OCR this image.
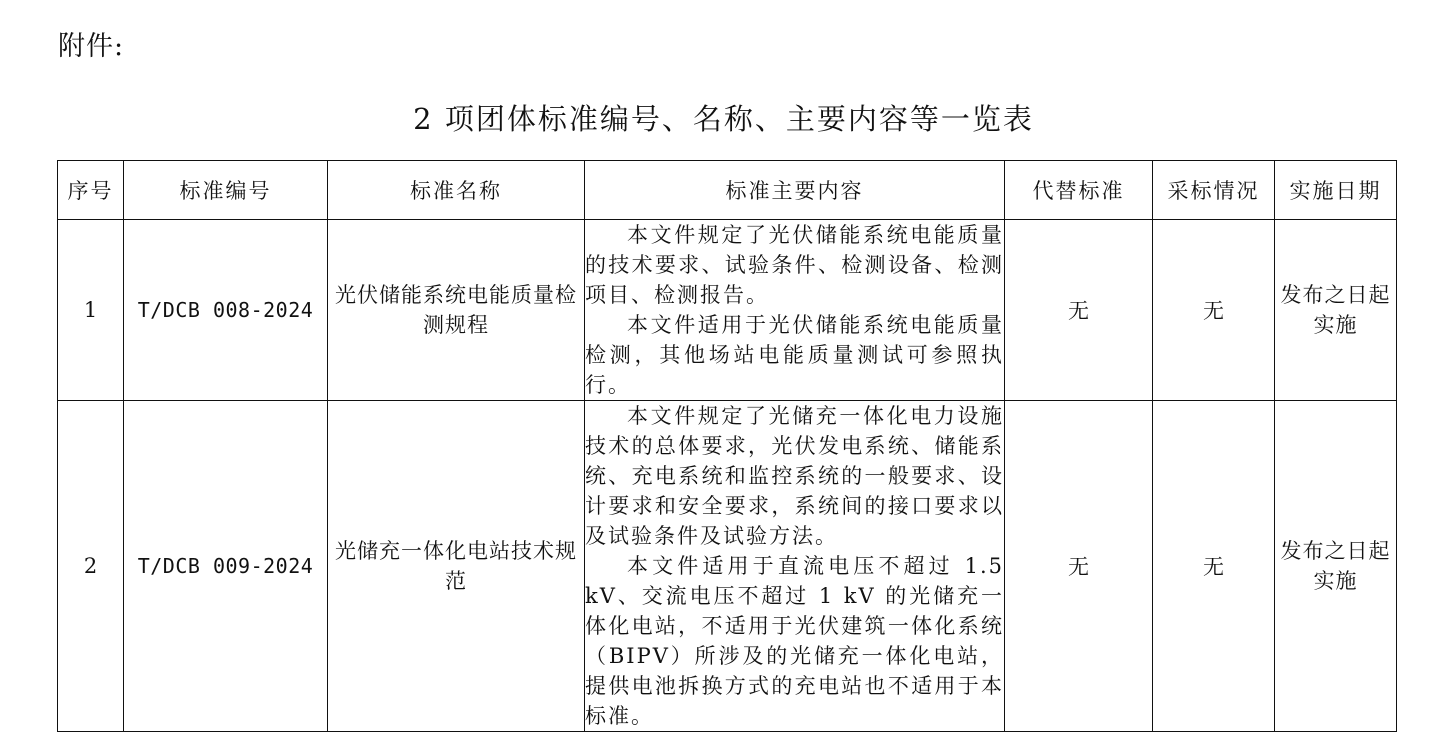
附件:
2 项团体标准编号、名称、主要内容等一览表
序号	标准编号	标准名称	标准主要内容	代替标准	采标情况	实施日期
1	T/DCB 008-2024	光伏储能系统电能质量检测规程	本文件规定了光伏储能系统电能质量的技术要求、试验条件、检测设备、检测项目、检测报告。

本文件适用于光伏储能系统电能质量检测，其他场站电能质量测试可参照执行。	无	无	发布之日起实施
2	T/DCB 009-2024	光储充一体化电站技术规范	本文件规定了光储充一体化电力设施技术的总体要求，光伏发电系统、储能系统、充电系统和监控系统的一般要求、设计要求和安全要求，系统间的接口要求以及试验条件及试验方法。

本文件适用于直流电压不超过 1.5 kV、交流电压不超过 1 kV 的光储充一体化电站，不适用于光伏建筑一体化系统（BIPV）所涉及的光储充一体化电站，提供电池拆换方式的充电站也不适用于本标准。	无	无	发布之日起实施
